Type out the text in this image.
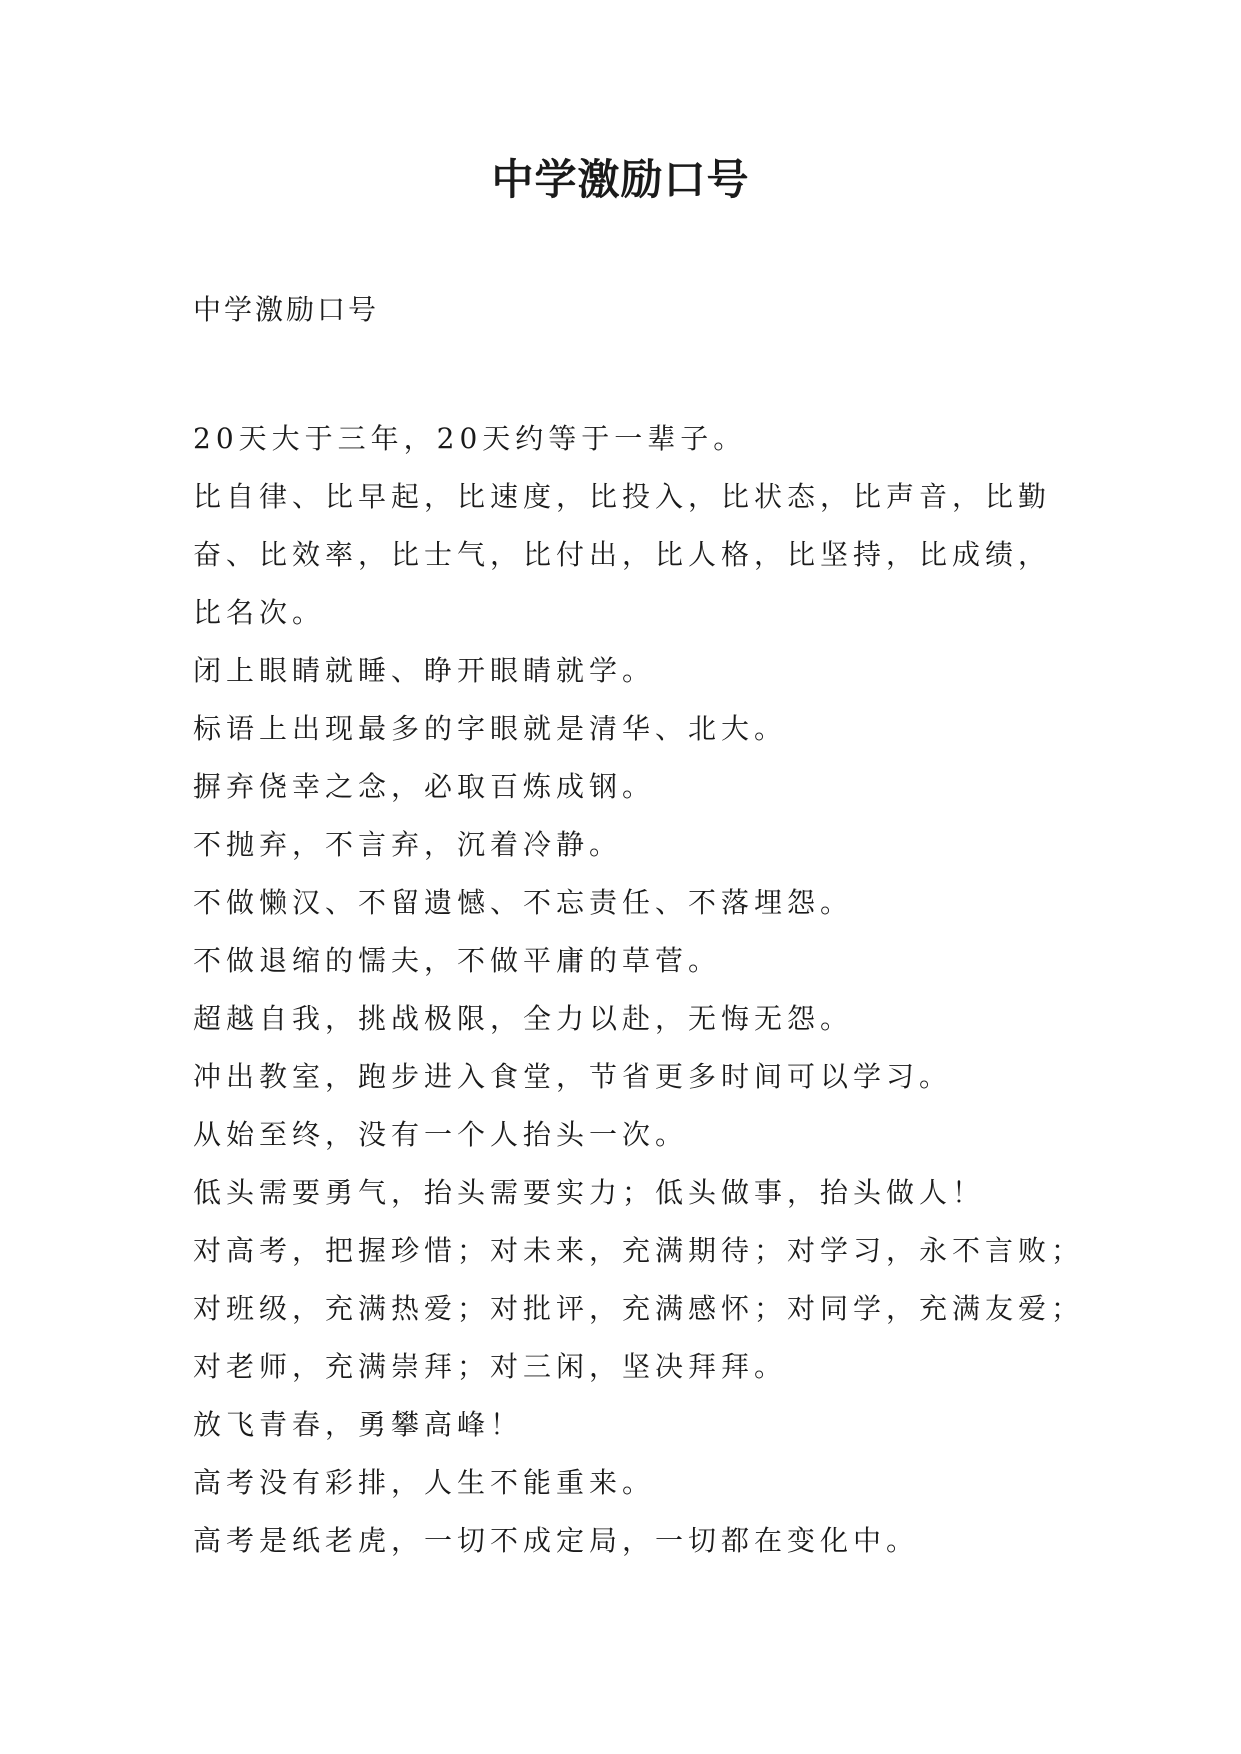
中学激励口号

中学激励口号

20天大于三年，20天约等于一辈子。
比自律、比早起，比速度，比投入，比状态，比声音，比勤
奋、比效率，比士气，比付出，比人格，比坚持，比成绩，
比名次。
闭上眼睛就睡、睁开眼睛就学。
标语上出现最多的字眼就是清华、北大。
摒弃侥幸之念，必取百炼成钢。
不抛弃，不言弃，沉着冷静。
不做懒汉、不留遗憾、不忘责任、不落埋怨。
不做退缩的懦夫，不做平庸的草菅。
超越自我，挑战极限，全力以赴，无悔无怨。
冲出教室，跑步进入食堂，节省更多时间可以学习。
从始至终，没有一个人抬头一次。
低头需要勇气，抬头需要实力；低头做事，抬头做人！
对高考，把握珍惜；对未来，充满期待；对学习，永不言败；
对班级，充满热爱；对批评，充满感怀；对同学，充满友爱；
对老师，充满崇拜；对三闲，坚决拜拜。
放飞青春，勇攀高峰！
高考没有彩排，人生不能重来。
高考是纸老虎，一切不成定局，一切都在变化中。
